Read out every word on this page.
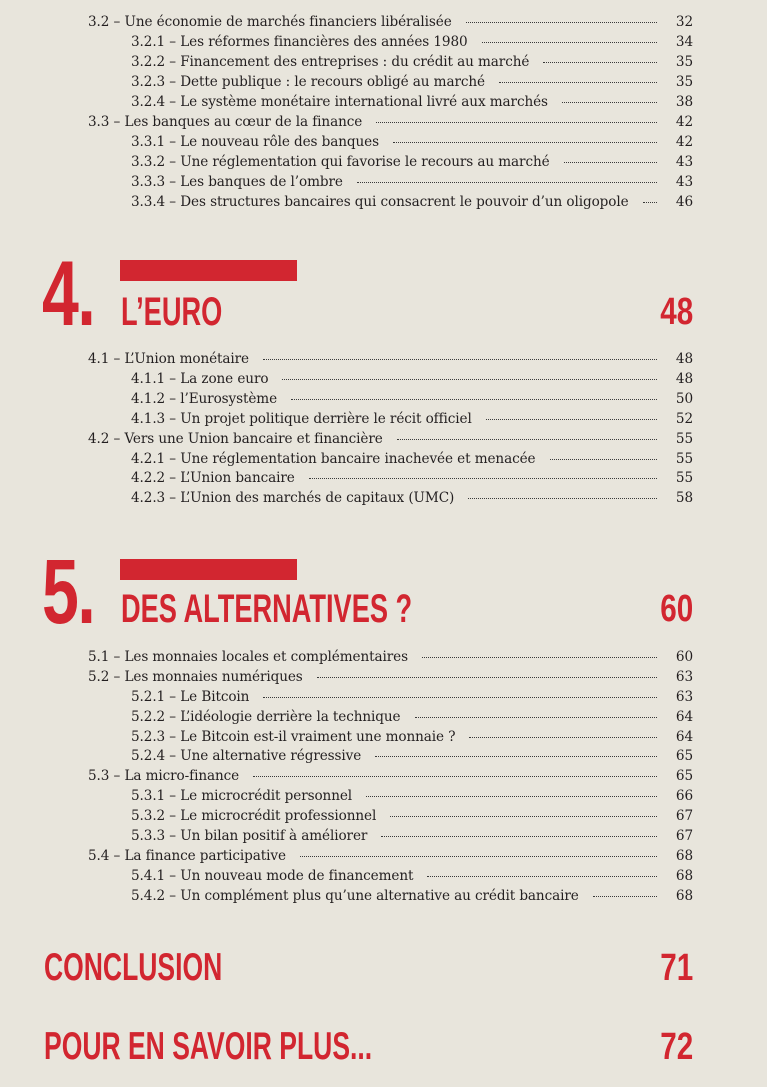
3.2 – Une économie de marchés financiers libéralisée	32
3.2.1 – Les réformes financières des années 1980	34
3.2.2 – Financement des entreprises : du crédit au marché	35
3.2.3 – Dette publique : le recours obligé au marché	35
3.2.4 – Le système monétaire international livré aux marchés	38
3.3 – Les banques au cœur de la finance	42
3.3.1 – Le nouveau rôle des banques	42
3.3.2 – Une réglementation qui favorise le recours au marché	43
3.3.3 – Les banques de l’ombre	43
3.3.4 – Des structures bancaires qui consacrent le pouvoir d’un oligopole	46
4. L’EURO	48
4.1 – L’Union monétaire	48
4.1.1 – La zone euro	48
4.1.2 – l’Eurosystème	50
4.1.3 – Un projet politique derrière le récit officiel	52
4.2 – Vers une Union bancaire et financière	55
4.2.1 – Une réglementation bancaire inachevée et menacée	55
4.2.2 – L’Union bancaire	55
4.2.3 – L’Union des marchés de capitaux (UMC)	58
5. DES ALTERNATIVES ?	60
5.1 – Les monnaies locales et complémentaires	60
5.2 – Les monnaies numériques	63
5.2.1 – Le Bitcoin	63
5.2.2 – L’idéologie derrière la technique	64
5.2.3 – Le Bitcoin est-il vraiment une monnaie ?	64
5.2.4 – Une alternative régressive	65
5.3 – La micro-finance	65
5.3.1 – Le microcrédit personnel	66
5.3.2 – Le microcrédit professionnel	67
5.3.3 – Un bilan positif à améliorer	67
5.4 – La finance participative	68
5.4.1 – Un nouveau mode de financement	68
5.4.2 – Un complément plus qu’une alternative au crédit bancaire	68
CONCLUSION	71
POUR EN SAVOIR PLUS...	72
